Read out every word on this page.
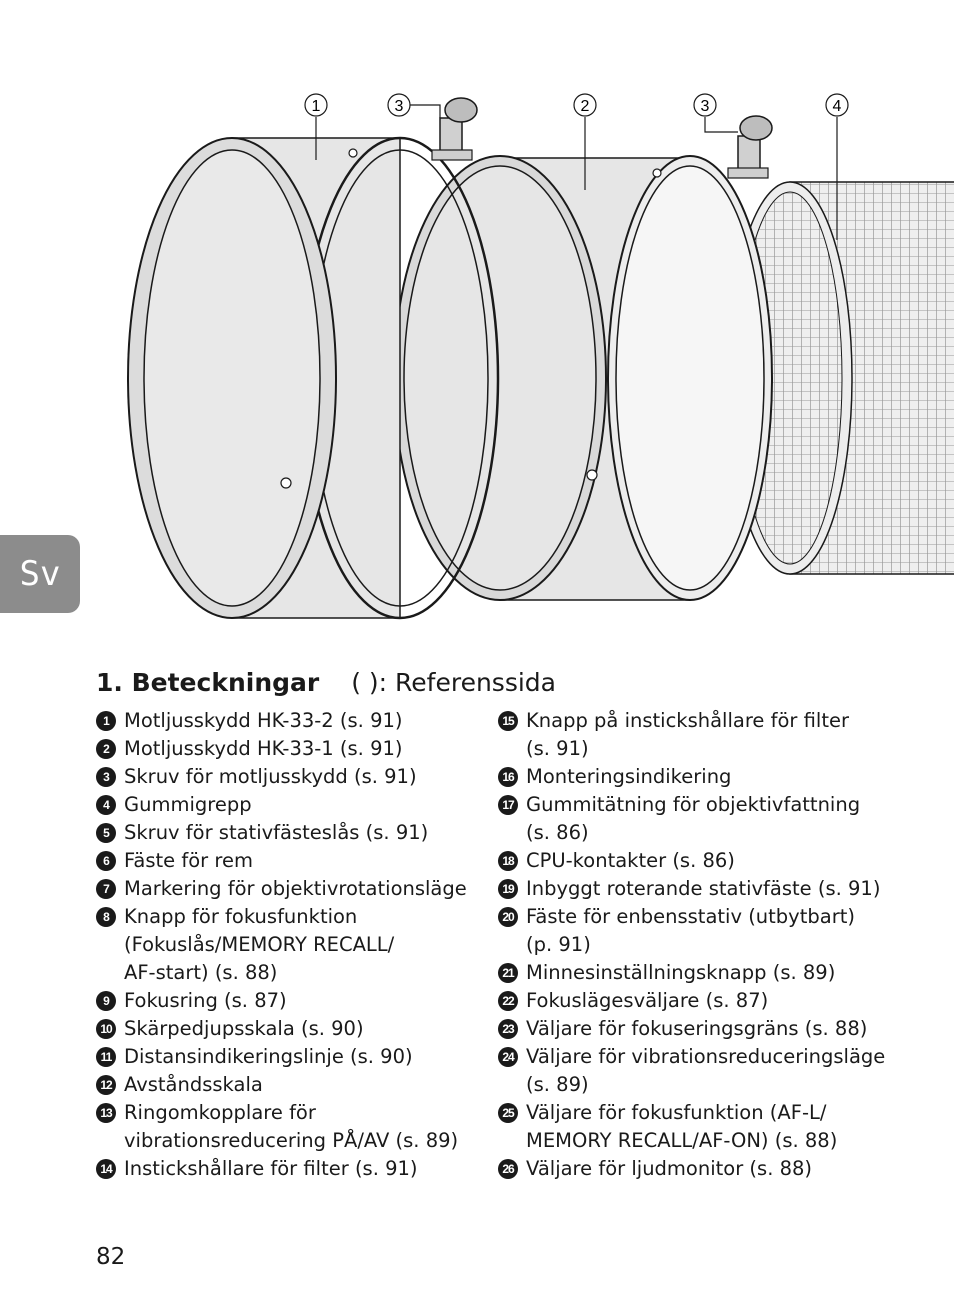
1	3	2	3	4
Sv
1. Beteckningar ( ): Referenssida
1 Motljusskydd HK-33-2 (s. 91)
2 Motljusskydd HK-33-1 (s. 91)
3 Skruv för motljusskydd (s. 91)
4 Gummigrepp
5 Skruv för stativfästeslås (s. 91)
6 Fäste för rem
7 Markering för objektivrotationsläge
8 Knapp för fokusfunktion
(Fokuslås/MEMORY RECALL/
AF-start) (s. 88)
9 Fokusring (s. 87)
10 Skärpedjupsskala (s. 90)
11 Distansindikeringslinje (s. 90)
12 Avståndsskala
13 Ringomkopplare för
vibrationsreducering PÅ/AV (s. 89)
14 Instickshållare för filter (s. 91)
15 Knapp på instickshållare för filter
(s. 91)
16 Monteringsindikering
17 Gummitätning för objektivfattning
(s. 86)
18 CPU-kontakter (s. 86)
19 Inbyggt roterande stativfäste (s. 91)
20 Fäste för enbensstativ (utbytbart)
(p. 91)
21 Minnesinställningsknapp (s. 89)
22 Fokuslägesväljare (s. 87)
23 Väljare för fokuseringsgräns (s. 88)
24 Väljare för vibrationsreduceringsläge
(s. 89)
25 Väljare för fokusfunktion (AF-L/
MEMORY RECALL/AF-ON) (s. 88)
26 Väljare för ljudmonitor (s. 88)
82
